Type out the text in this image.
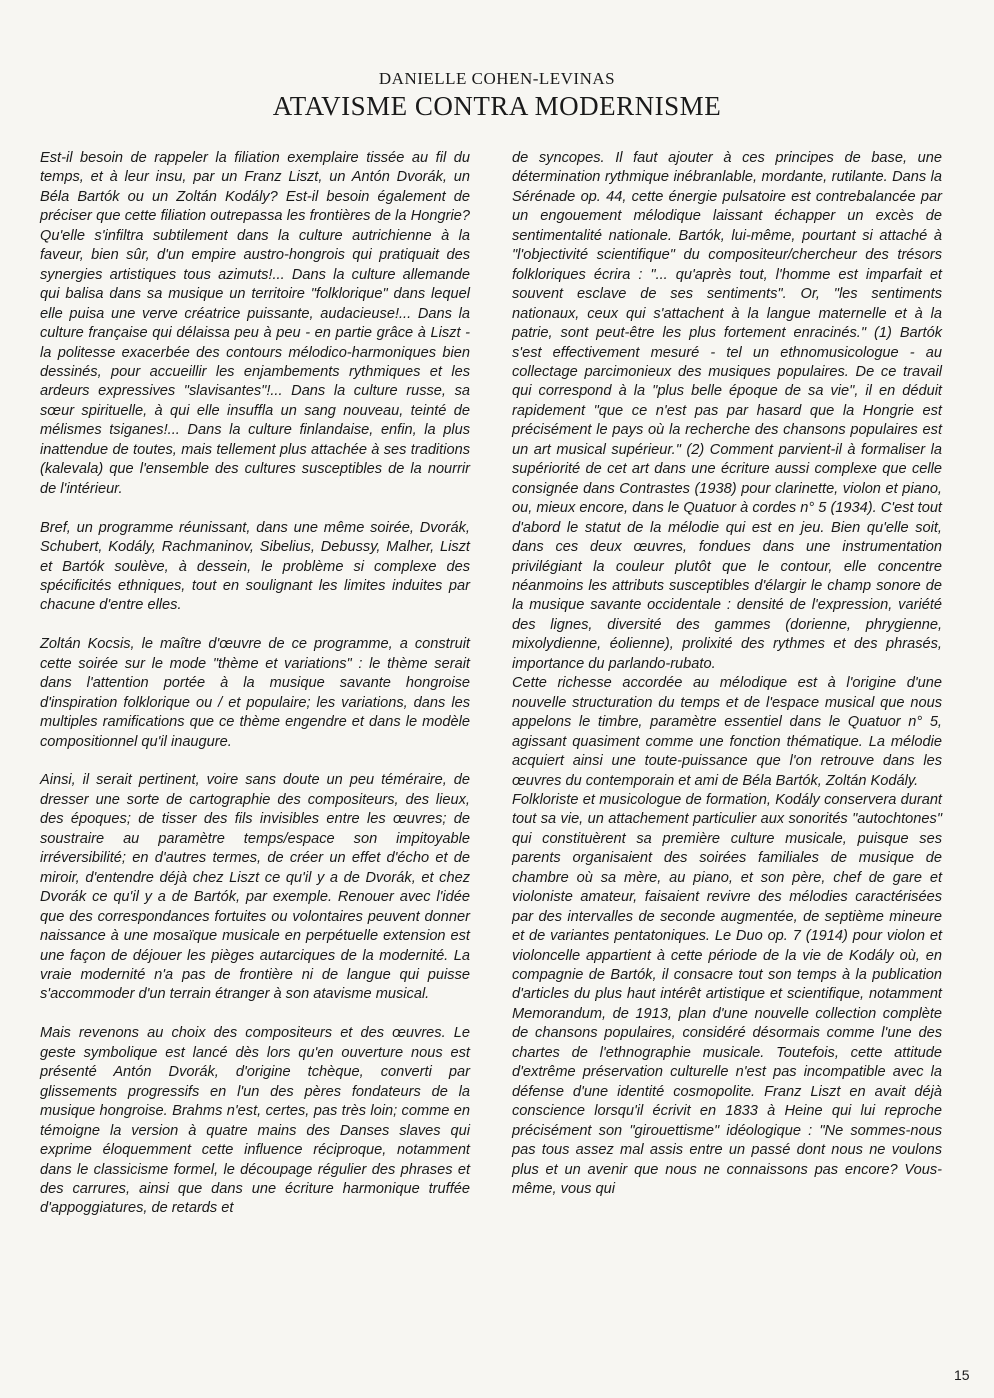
DANIELLE COHEN-LEVINAS
ATAVISME CONTRA MODERNISME

Est-il besoin de rappeler la filiation exemplaire tissée au fil du temps, et à leur insu, par un Franz Liszt, un Antón Dvorák, un Béla Bartók ou un Zoltán Kodály? Est-il besoin également de préciser que cette filiation outrepassa les frontières de la Hongrie? Qu'elle s'infiltra subtilement dans la culture autrichienne à la faveur, bien sûr, d'un empire austro-hongrois qui pratiquait des synergies artistiques tous azimuts!... Dans la culture allemande qui balisa dans sa musique un territoire "folklorique" dans lequel elle puisa une verve créatrice puissante, audacieuse!... Dans la culture française qui délaissa peu à peu - en partie grâce à Liszt - la politesse exacerbée des contours mélodico-harmoniques bien dessinés, pour accueillir les enjambements rythmiques et les ardeurs expressives "slavisantes"!... Dans la culture russe, sa sœur spirituelle, à qui elle insuffla un sang nouveau, teinté de mélismes tsiganes!... Dans la culture finlandaise, enfin, la plus inattendue de toutes, mais tellement plus attachée à ses traditions (kalevala) que l'ensemble des cultures susceptibles de la nourrir de l'intérieur.

Bref, un programme réunissant, dans une même soirée, Dvorák, Schubert, Kodály, Rachmaninov, Sibelius, Debussy, Malher, Liszt et Bartók soulève, à dessein, le problème si complexe des spécificités ethniques, tout en soulignant les limites induites par chacune d'entre elles.

Zoltán Kocsis, le maître d'œuvre de ce programme, a construit cette soirée sur le mode "thème et variations" : le thème serait dans l'attention portée à la musique savante hongroise d'inspiration folklorique ou / et populaire; les variations, dans les multiples ramifications que ce thème engendre et dans le modèle compositionnel qu'il inaugure.

Ainsi, il serait pertinent, voire sans doute un peu téméraire, de dresser une sorte de cartographie des compositeurs, des lieux, des époques; de tisser des fils invisibles entre les œuvres; de soustraire au paramètre temps/espace son impitoyable irréversibilité; en d'autres termes, de créer un effet d'écho et de miroir, d'entendre déjà chez Liszt ce qu'il y a de Dvorák, et chez Dvorák ce qu'il y a de Bartók, par exemple. Renouer avec l'idée que des correspondances fortuites ou volontaires peuvent donner naissance à une mosaïque musicale en perpétuelle extension est une façon de déjouer les pièges autarciques de la modernité. La vraie modernité n'a pas de frontière ni de langue qui puisse s'accommoder d'un terrain étranger à son atavisme musical.

Mais revenons au choix des compositeurs et des œuvres. Le geste symbolique est lancé dès lors qu'en ouverture nous est présenté Antón Dvorák, d'origine tchèque, converti par glissements progressifs en l'un des pères fondateurs de la musique hongroise. Brahms n'est, certes, pas très loin; comme en témoigne la version à quatre mains des Danses slaves qui exprime éloquemment cette influence réciproque, notamment dans le classicisme formel, le découpage régulier des phrases et des carrures, ainsi que dans une écriture harmonique truffée d'appoggiatures, de retards et

de syncopes. Il faut ajouter à ces principes de base, une détermination rythmique inébranlable, mordante, rutilante. Dans la Sérénade op. 44, cette énergie pulsatoire est contrebalancée par un engouement mélodique laissant échapper un excès de sentimentalité nationale. Bartók, lui-même, pourtant si attaché à "l'objectivité scientifique" du compositeur/chercheur des trésors folkloriques écrira : "... qu'après tout, l'homme est imparfait et souvent esclave de ses sentiments". Or, "les sentiments nationaux, ceux qui s'attachent à la langue maternelle et à la patrie, sont peut-être les plus fortement enracinés." (1) Bartók s'est effectivement mesuré - tel un ethnomusicologue - au collectage parcimonieux des musiques populaires. De ce travail qui correspond à la "plus belle époque de sa vie", il en déduit rapidement "que ce n'est pas par hasard que la Hongrie est précisément le pays où la recherche des chansons populaires est un art musical supérieur." (2) Comment parvient-il à formaliser la supériorité de cet art dans une écriture aussi complexe que celle consignée dans Contrastes (1938) pour clarinette, violon et piano, ou, mieux encore, dans le Quatuor à cordes n° 5 (1934). C'est tout d'abord le statut de la mélodie qui est en jeu. Bien qu'elle soit, dans ces deux œuvres, fondues dans une instrumentation privilégiant la couleur plutôt que le contour, elle concentre néanmoins les attributs susceptibles d'élargir le champ sonore de la musique savante occidentale : densité de l'expression, variété des lignes, diversité des gammes (dorienne, phrygienne, mixolydienne, éolienne), prolixité des rythmes et des phrasés, importance du parlando-rubato.

Cette richesse accordée au mélodique est à l'origine d'une nouvelle structuration du temps et de l'espace musical que nous appelons le timbre, paramètre essentiel dans le Quatuor n° 5, agissant quasiment comme une fonction thématique. La mélodie acquiert ainsi une toute-puissance que l'on retrouve dans les œuvres du contemporain et ami de Béla Bartók, Zoltán Kodály.

Folkloriste et musicologue de formation, Kodály conservera durant tout sa vie, un attachement particulier aux sonorités "autochtones" qui constituèrent sa première culture musicale, puisque ses parents organisaient des soirées familiales de musique de chambre où sa mère, au piano, et son père, chef de gare et violoniste amateur, faisaient revivre des mélodies caractérisées par des intervalles de seconde augmentée, de septième mineure et de variantes pentatoniques. Le Duo op. 7 (1914) pour violon et violoncelle appartient à cette période de la vie de Kodály où, en compagnie de Bartók, il consacre tout son temps à la publication d'articles du plus haut intérêt artistique et scientifique, notamment Memorandum, de 1913, plan d'une nouvelle collection complète de chansons populaires, considéré désormais comme l'une des chartes de l'ethnographie musicale. Toutefois, cette attitude d'extrême préservation culturelle n'est pas incompatible avec la défense d'une identité cosmopolite. Franz Liszt en avait déjà conscience lorsqu'il écrivit en 1833 à Heine qui lui reproche précisément son "girouettisme" idéologique : "Ne sommes-nous pas tous assez mal assis entre un passé dont nous ne voulons plus et un avenir que nous ne connaissons pas encore? Vous-même, vous qui

15
